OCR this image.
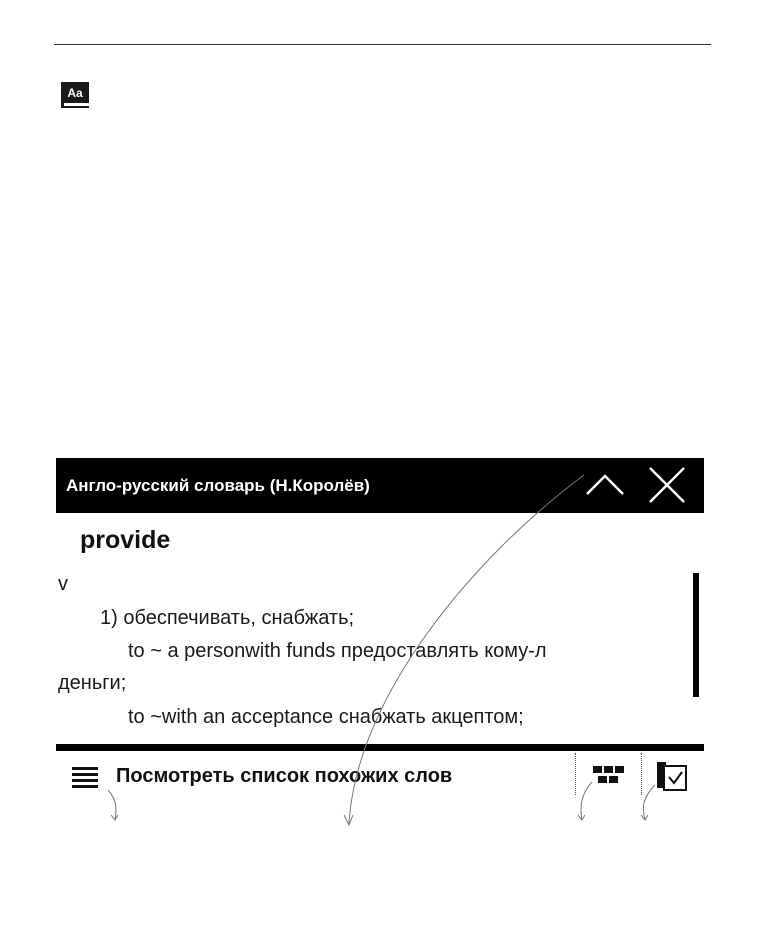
Aa
Англо-русский словарь (Н.Королёв)
provide
v
1) обеспечивать, снабжать;
to ~ a personwith funds предоставлять кому-л
деньги;
to ~with an acceptance снабжать акцептом;
Посмотреть список похожих слов
